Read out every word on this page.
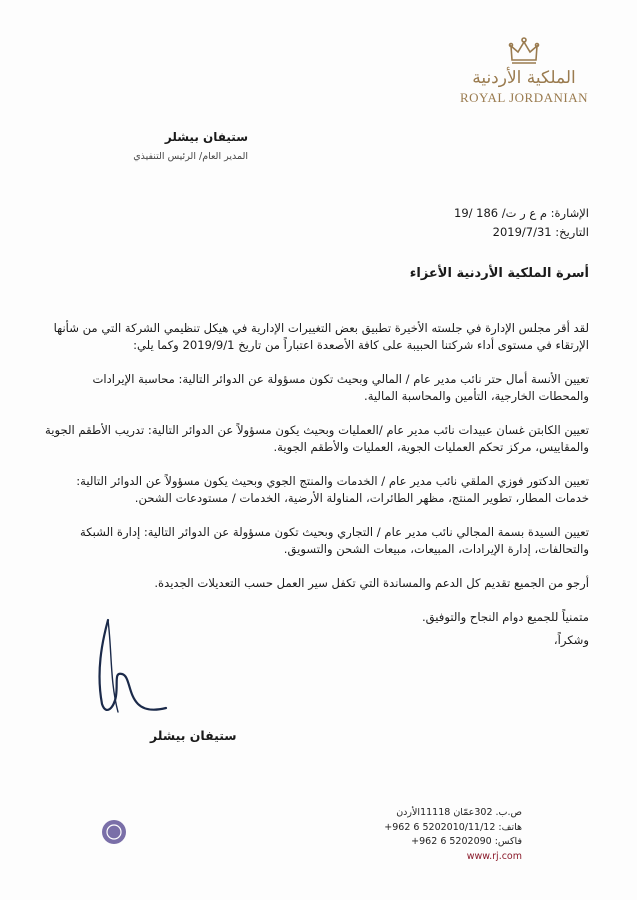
الملكية الأردنية
ROYAL JORDANIAN
ستيفان بيشلر
المدير العام/ الرئيس التنفيذي
الإشارة: م ع ر ت/ 186 /19
التاريخ: 2019/7/31
أسرة الملكية الأردنية الأعزاء

لقد أقر مجلس الإدارة في جلسته الأخيرة تطبيق بعض التغييرات الإدارية في هيكل تنظيمي الشركة التي من شأنها الإرتقاء في مستوى أداء شركتنا الحبيبة على كافة الأصعدة اعتباراً من تاريخ 2019/9/1 وكما يلي:

تعيين الأنسة أمال حتر نائب مدير عام / المالي وبحيث تكون مسؤولة عن الدوائر التالية: محاسبة الإيرادات والمحطات الخارجية، التأمين والمحاسبة المالية.

تعيين الكابتن غسان عبيدات نائب مدير عام /العمليات وبحيث يكون مسؤولاً عن الدوائر التالية: تدريب الأطقم الجوية والمقاييس، مركز تحكم العمليات الجوية، العمليات والأطقم الجوية.

تعيين الدكتور فوزي الملقي نائب مدير عام / الخدمات والمنتج الجوي وبحيث يكون مسؤولاً عن الدوائر التالية: خدمات المطار، تطوير المنتج، مظهر الطائرات، المناولة الأرضية، الخدمات / مستودعات الشحن.

تعيين السيدة بسمة المجالي نائب مدير عام / التجاري وبحيث تكون مسؤولة عن الدوائر التالية: إدارة الشبكة والتحالفات، إدارة الإيرادات، المبيعات، مبيعات الشحن والتسويق.

أرجو من الجميع تقديم كل الدعم والمساندة التي تكفل سير العمل حسب التعديلات الجديدة.

متمنياً للجميع دوام النجاح والتوفيق.

وشكراً،

ستيفان بيشلر
ص.ب. 302عمّان 11118الأردن
هاتف: 5202010/11/12 6 962+
فاكس: 5202090 6 962+
www.rj.com
